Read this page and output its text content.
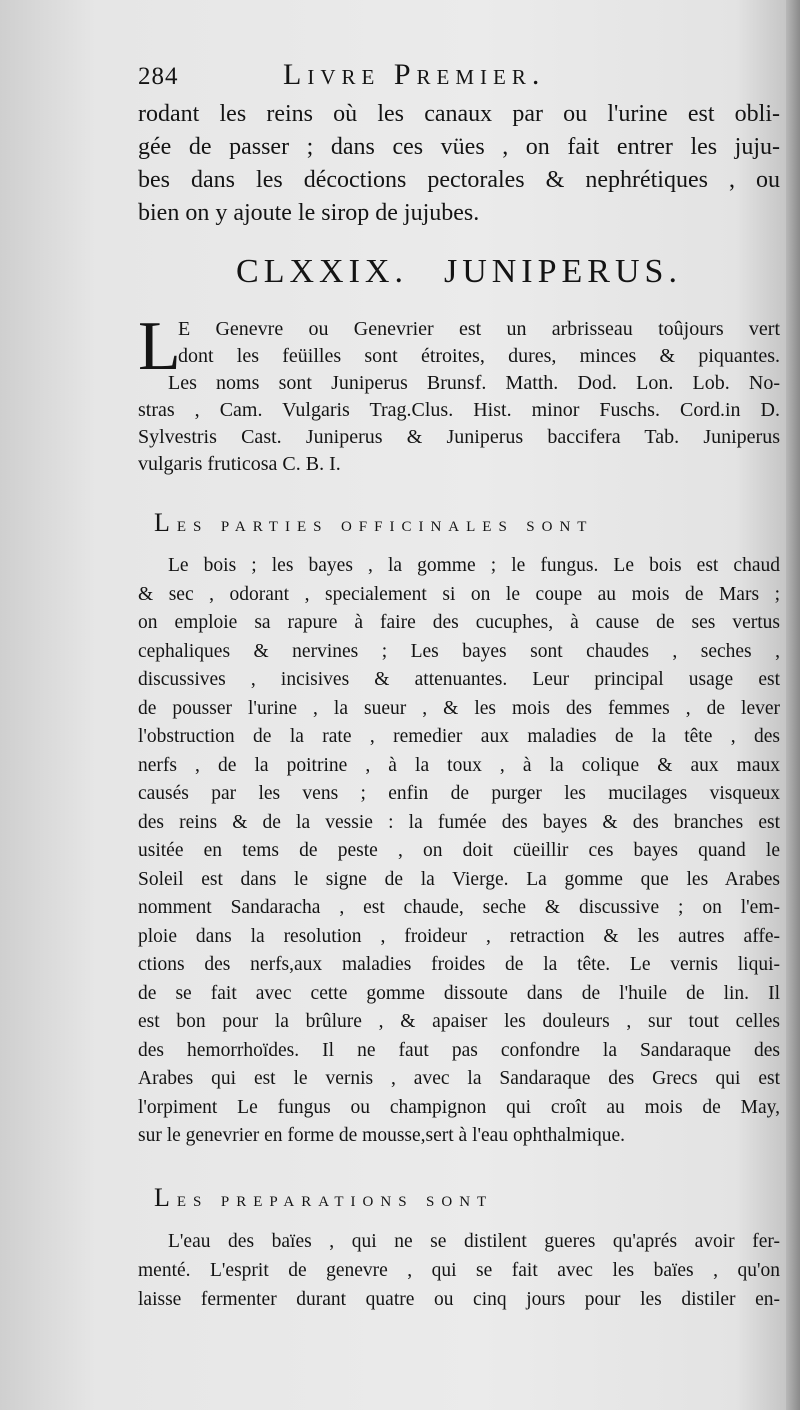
284	Livre Premier.
rodant les reins où les canaux par ou l'urine est obli-
gée de passer ; dans ces vües , on fait entrer les juju-
bes dans les décoctions pectorales & nephrétiques , ou
bien on y ajoute le sirop de jujubes.
CLXXIX. JUNIPERUS.
L
E Genevre ou Genevrier est un arbrisseau toûjours vert
dont les feüilles sont étroites, dures, minces & piquantes.
Les noms sont Juniperus Brunsf. Matth. Dod. Lon. Lob. No-
stras , Cam. Vulgaris Trag.Clus. Hist. minor Fuschs. Cord.in D.
Sylvestris Cast. Juniperus & Juniperus baccifera Tab. Juniperus
vulgaris fruticosa C. B. I.
Les parties officinales sont
Le bois ; les bayes , la gomme ; le fungus. Le bois est chaud
& sec , odorant , specialement si on le coupe au mois de Mars ;
on emploie sa rapure à faire des cucuphes, à cause de ses vertus
cephaliques & nervines ; Les bayes sont chaudes , seches ,
discussives , incisives & attenuantes. Leur principal usage est
de pousser l'urine , la sueur , & les mois des femmes , de lever
l'obstruction de la rate , remedier aux maladies de la tête , des
nerfs , de la poitrine , à la toux , à la colique & aux maux
causés par les vens ; enfin de purger les mucilages visqueux
des reins & de la vessie : la fumée des bayes & des branches est
usitée en tems de peste , on doit cüeillir ces bayes quand le
Soleil est dans le signe de la Vierge. La gomme que les Arabes
nomment Sandaracha , est chaude, seche & discussive ; on l'em-
ploie dans la resolution , froideur , retraction & les autres affe-
ctions des nerfs,aux maladies froides de la tête. Le vernis liqui-
de se fait avec cette gomme dissoute dans de l'huile de lin. Il
est bon pour la brûlure , & apaiser les douleurs , sur tout celles
des hemorrhoïdes. Il ne faut pas confondre la Sandaraque des
Arabes qui est le vernis , avec la Sandaraque des Grecs qui est
l'orpiment Le fungus ou champignon qui croît au mois de May,
sur le genevrier en forme de mousse,sert à l'eau ophthalmique.
Les preparations sont
L'eau des baïes , qui ne se distilent gueres qu'aprés avoir fer-
menté. L'esprit de genevre , qui se fait avec les baïes , qu'on
laisse fermenter durant quatre ou cinq jours pour les distiler en-
